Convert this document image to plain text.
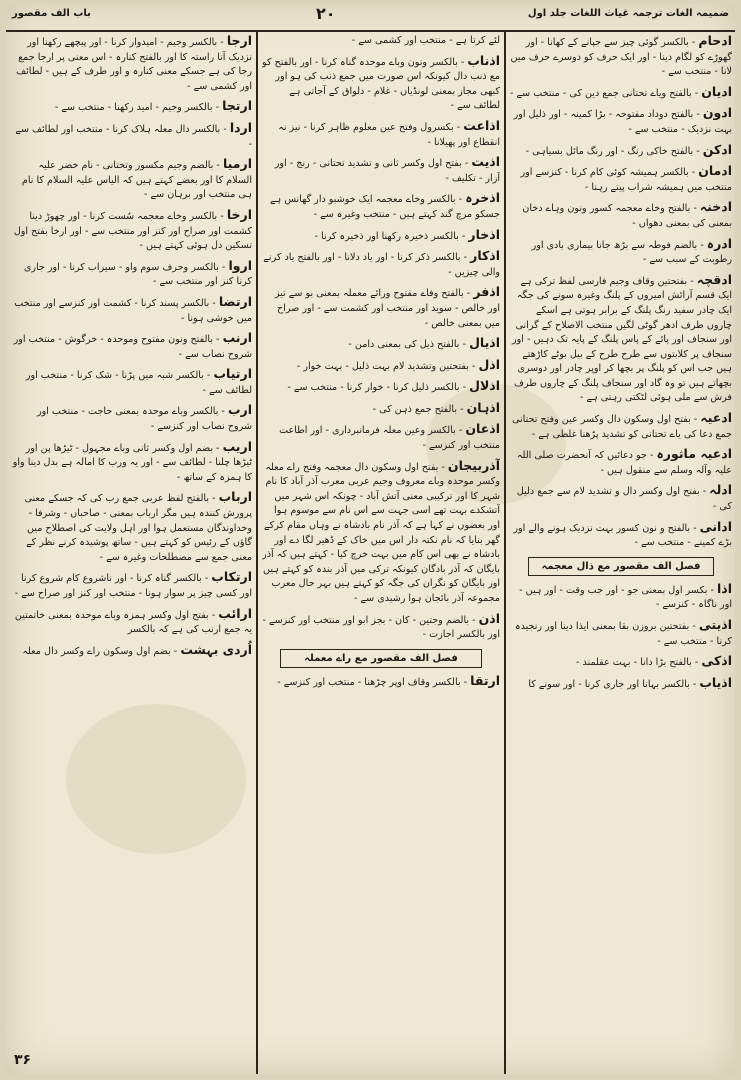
ضمیمہ الغات ترجمہ غیاث اللغات جلد اول
۲۰
باب الف مقصور

ادحام - بالکسر گوئی چیز سے جپانے کے کھانا - اور گھوڑے کو لگام دینا - اور ایک حرف کو دوسرے حرف میں لانا - منتخب سے -

ادیان - بالفتح ویاے تحتانی جمع دین کی - منتخب سے -

ادون - بالفتح دوداد مفتوحہ - بڑا کمینہ - اور ذلیل اور بہت نزدیک - منتخب سے -

ادکن - بالفتح خاکی رنگ - اور رنگ مائل بسیاہی -

ادمان - بالکسر ہمیشہ کوئی کام کرنا - کنزسے اور منتخب میں ہمیشہ شراب پیتے رہنا -

ادخنہ - بالفتح وخاے معجمہ کسور ونون وہاے دخان بمعنی کی بمعنی دھواں -

ادرہ - بالضم فوطہ سے بڑھ جانا بیماری بادی اور رطوبت کے سبب سے -

ادقچہ - بفتحتین وقاف وجیم فارسی لفظ ترکی ہے ایک قسم آرائش امیروں کے پلنگ وغیرہ سونے کی جگہ ایک چادر سفید رنگ پلنگ کے برابر ہوتی ہے اسکے چاروں طرف ادھر گوٹی لگیں منتخب الاصلاح کے گرانی اور سنجاف اور پائے کے پاس پلنگ کے پایہ تک دہیں - اور سنجاف پر کلابتوں سے طرح طرح کے بیل بوٹے کاڑھتے ہیں جب اس کو پلنگ پر بچھا کر اوپر چادر اور دوسری بچھاتے ہیں تو وہ گاد اور سنجاف پلنگ کے چاروں طرف فرش سے ملی ہوئی لٹکتی رہتی ہے -

ادعیہ - بفتح اول وسکون دال وکسر عین وفتح تحتانی جمع دعا کی یاے تحتانی کو تشدید پڑھنا غلطی ہے -

ادعیہ ماثورہ - جو دعائیں کہ آنحضرت صلی اللہ علیہ وآلہ وسلم سے منقول ہیں -

ادلہ - بفتح اول وکسر دال و تشدید لام سے جمع دلیل کی -

ادانی - بالفتح و نون کسور بہت نزدیک ہونے والے اور بڑے کمینے - منتخب سے -

فصل الف مقصور مع ذال معجمہ

اذا - بکسر اول بمعنی جو - اور جب وقت - اور ہیں - اور ناگاہ - کنزسے -

اذیتی - بفتحتین بروزن بقا بمعنی ایذا دینا اور رنجیدہ کرنا - منتخب سے -

اذکی - بالفتح بڑا دانا - بہت عقلمند -

اذیاب - بالکسر بہانا اور جاری کرنا - اور سونے کا

لئے کرتا ہے - منتخب اور کشمی سے -

اذناب - بالکسر ونون وباے موحدہ گناہ کرنا - اور بالفتح کو مع ذنب دال کیونکہ اس صورت میں جمع ذنب کی ہو اور کبھی مجاز بمعنی لونڈیاں - غلام - دلواق کے آجاتی ہے لطائف سے -

اذاعت - بکسرول وفتح عین معلوم ظاہر کرنا - نیز نہ انقطاع اور پھیلانا -

اذیت - بفتح اول وکسر ثانی و تشدید تحتانی - رنج - اور آزار - تکلیف -

اذخرہ - بالکسر وخاے معجمہ ایک خوشبو دار گھانس ہے جسکو مرچ گند کہتے ہیں - منتخب وغیرہ سے -

اذخار - بالکسر ذخیرہ رکھنا اور ذخیرہ کرنا -

اذکار - بالکسر ذکر کرنا - اور یاد دلانا - اور بالفتح یاد کرنے والی چیزیں -

اذفر - بالفتح وفاے مفتوح ورائے معملہ بمعنی بو سے تیز اور خالص - سوید اور منتخب اور کشمت سے - اور صراح میں بمعنی خالص -

اذیال - بالفتح ذیل کی بمعنی دامن -

اذل - بفتحتین وتشدید لام بہت ذلیل - بہت خوار -

اذلال - بالکسر ذلیل کرنا - خوار کرنا - منتخب سے -

اذہان - بالفتح جمع ذہن کی -

اذعان - بالکسر وعین معلہ فرمانبرداری - اور اطاعت منتخب اور کنزسے -

آذربیجان - بفتح اول وسکون دال معجمہ وفتح راے معلہ وکسر موحدہ وباے معروف وجیم عربی معرب آذر آباد کا نام شہر کا اور ترکیبی معنی آتش آباد - چونکہ اس شہر میں آتشکدے بہت تھے اسی جہت سے اس نام سے موسوم ہوا اور بعضوں نے کہا ہے کہ آذر نام بادشاہ نے وہاں مقام کرکے گھر بنایا کہ نام نکتہ دار اس میں خاک کے ڈھیر لگا دے اور بادشاہ نے بھی اس کام میں بہت خرچ کیا - کہتے ہیں کہ آذر بایگان کہ آذر بادگان کیونکہ ترکی میں آذر بندہ کو کہتے ہیں اور بایگان کو نگران کی جگہ کو کہتے ہیں بہر حال معرب مجموعہ آذر بائجان ہوا رشیدی سے -

اذن - بالضم وجتین - کان - بجز ابو اور منتخب اور کنزسے - اور بالکسر اجازت -

فصل الف مقصور مع راے معملہ

ارتقا - بالکسر وقاف اوپر چڑھنا - منتخب اور کنزسے -

ارجا - بالکسر وجیم - امیدوار کرنا - اور پیچھے رکھنا اور نزدیک آنا راستہ کا اور بالفتح کنارہ - اس معنی پر ارجا جمع رجا کی ہے جسکے معنی کنارہ و اور طرف کے ہیں - لطائف اور کشمی سے -

ارتجا - بالکسر وجیم - امید رکھنا - منتخب سے -

اردا - بالکسر دال معلہ ہلاک کرنا - منتخب اور لطائف سے -

ارمیا - بالضم وجیم مکسور وتحتانی - نام خضر علیہ السلام کا اور بعضے کہتے ہیں کہ الیاس علیہ السلام کا نام ہی منتخب اور برہان سے -

ارخا - بالکسر وخاے معجمہ سُست کرنا - اور چھوڑ دینا کشمت اور صراح اور کنز اور منتخب سے - اور ارخا بفتح اول تسکین دل ہوئی کہتے ہیں -

اروا - بالکسر وحرف سوم واو - سیراب کرنا - اور جاری کرنا کنز اور منتخب سے -

ارتضا - بالکسر پسند کرنا - کشمت اور کنزسے اور منتخب میں خوشی ہونا -

ارنب - بالفتح ونون مفتوح وموحدہ - خرگوش - منتخب اور شروح نصاب سے -

ارتیاب - بالکسر شبہ میں پڑنا - شک کرنا - منتخب اور لطائف سے -

ارب - بالکسر وباے موحدہ بمعنی حاجت - منتخب اور شروح نصاب اور کنزسے -

اریب - بضم اول وکسر ثانی وباے مجہول - ٹیڑھا پن اور ٹیڑھا چلنا - لطائف سے - اور یہ ورب کا امالہ ہے بدل دینا واو کا ہمزہ کے ساتھ -

ارباب - بالفتح لفظ عربی جمع رب کی کہ جسکے معنی پرورش کنندہ ہیں مگر ارباب بمعنی - صاحباں - وشرفا - وخداوندگان مستعمل ہوا اور اہل ولایت کی اصطلاح میں گاؤں کے رئیس کو کہتے ہیں - ساتھ پوشیدہ کرنے نظر کے معنی جمع سے مصطلحات وغیرہ سے -

ارتکاب - بالکسر گناہ کرنا - اور ناشروع کام شروع کرنا اور کسی چیز پر سوار ہونا - منتخب اور کنز اور صراح سے -

ارائب - بفتح اول وکسر ہمزہ وباے موحدہ بمعنی خاتمتین یہ جمع ارنب کی ہے کہ بالکسر

اُردی بہشت - بضم اول وسکون راے وکسر دال معلہ

۳۶
